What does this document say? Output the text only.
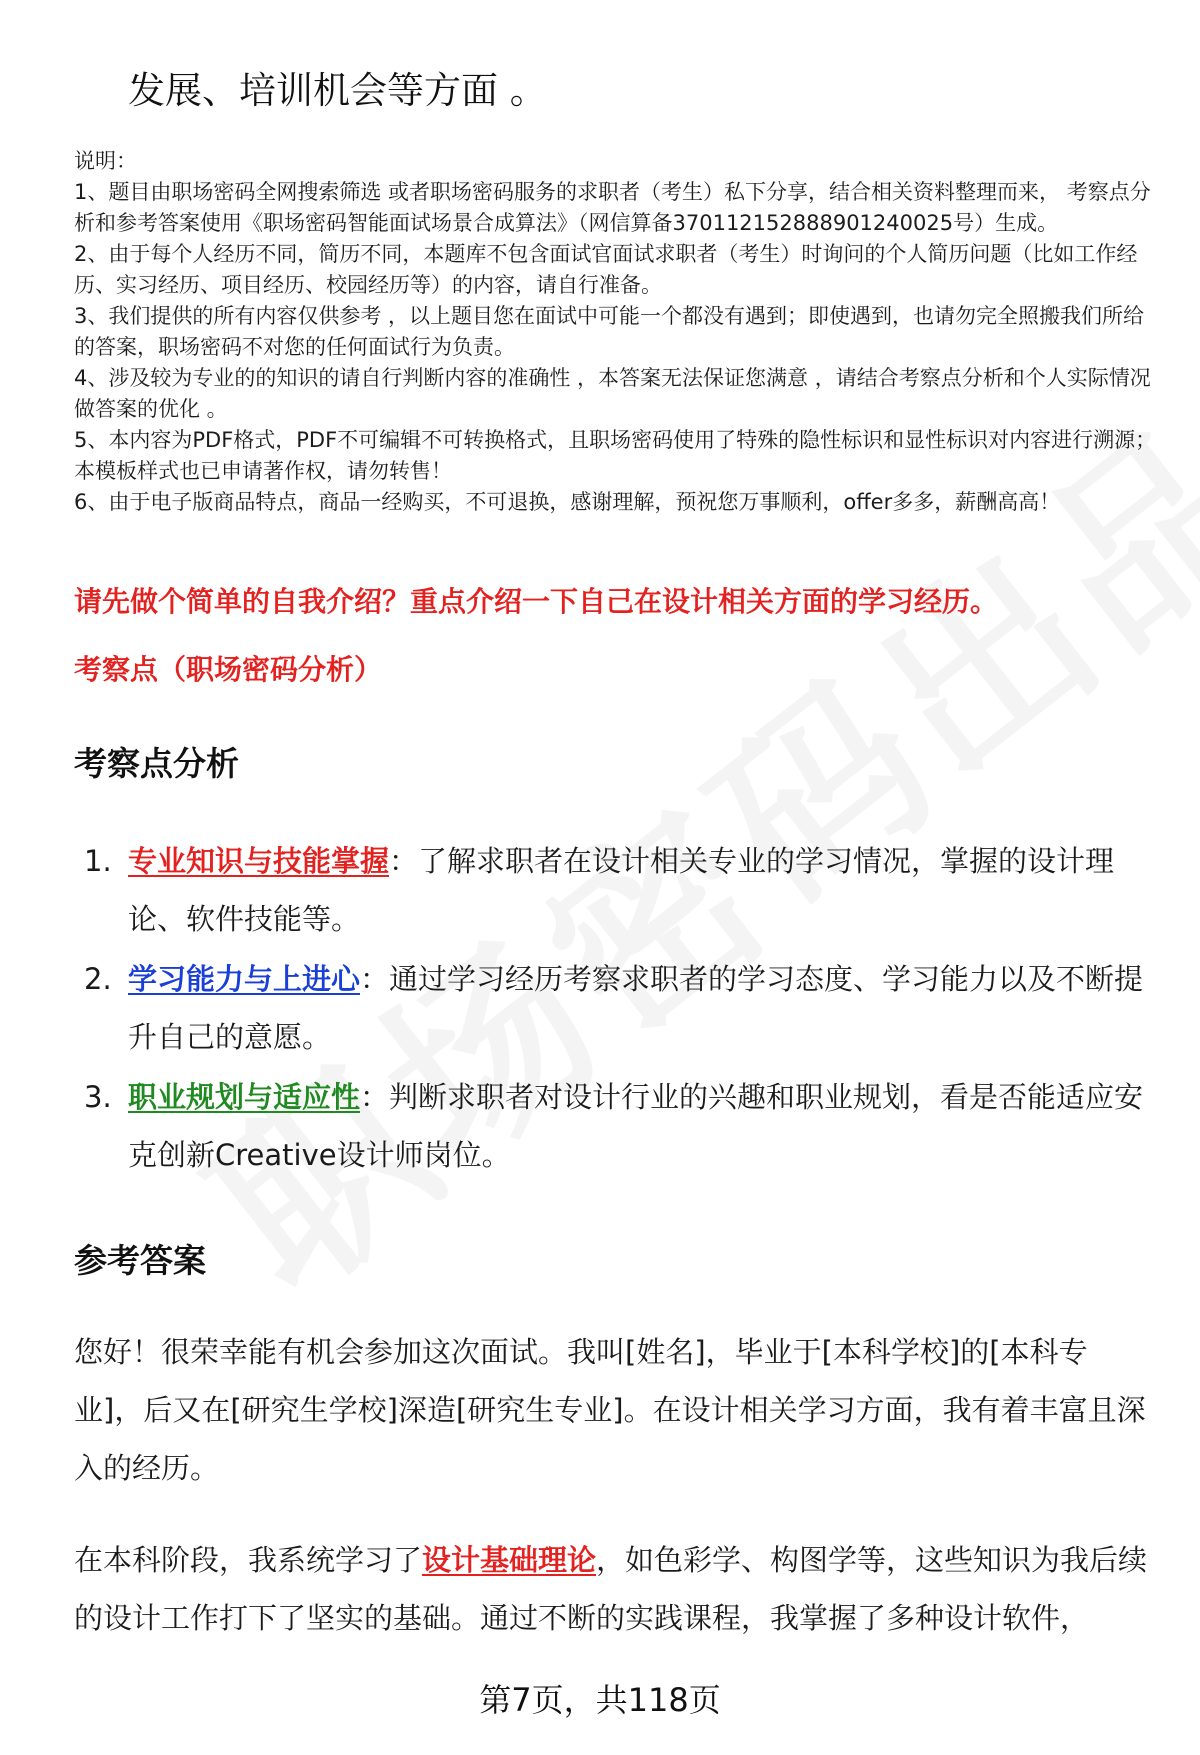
发展、培训机会等方面 。

说明：

1、题目由职场密码全网搜索筛选 或者职场密码服务的求职者（考生）私下分享，结合相关资料整理而来， 考察点分析和参考答案使用《职场密码智能面试场景合成算法》（网信算备370112152888901240025号）生成。

2、由于每个人经历不同，简历不同，本题库不包含面试官面试求职者（考生）时询问的个人简历问题（比如工作经历、实习经历、项目经历、校园经历等）的内容，请自行准备。

3、我们提供的所有内容仅供参考 ，以上题目您在面试中可能一个都没有遇到；即使遇到，也请勿完全照搬我们所给的答案，职场密码不对您的任何面试行为负责。

4、涉及较为专业的的知识的请自行判断内容的准确性 ，本答案无法保证您满意 ，请结合考察点分析和个人实际情况做答案的优化 。

5、本内容为PDF格式，PDF不可编辑不可转换格式，且职场密码使用了特殊的隐性标识和显性标识对内容进行溯源；本模板样式也已申请著作权，请勿转售！

6、由于电子版商品特点，商品一经购买，不可退换，感谢理解，预祝您万事顺利，offer多多，薪酬高高！

请先做个简单的自我介绍？重点介绍一下自己在设计相关方面的学习经历。
考察点（职场密码分析）
考察点分析
1. 专业知识与技能掌握：了解求职者在设计相关专业的学习情况，掌握的设计理论、软件技能等。
2. 学习能力与上进心：通过学习经历考察求职者的学习态度、学习能力以及不断提升自己的意愿。
3. 职业规划与适应性：判断求职者对设计行业的兴趣和职业规划，看是否能适应安克创新Creative设计师岗位。
参考答案
您好！很荣幸能有机会参加这次面试。我叫[姓名]，毕业于[本科学校]的[本科专业]，后又在[研究生学校]深造[研究生专业]。在设计相关学习方面，我有着丰富且深入的经历。
在本科阶段，我系统学习了设计基础理论，如色彩学、构图学等，这些知识为我后续的设计工作打下了坚实的基础。通过不断的实践课程，我掌握了多种设计软件，
第7页，共118页
